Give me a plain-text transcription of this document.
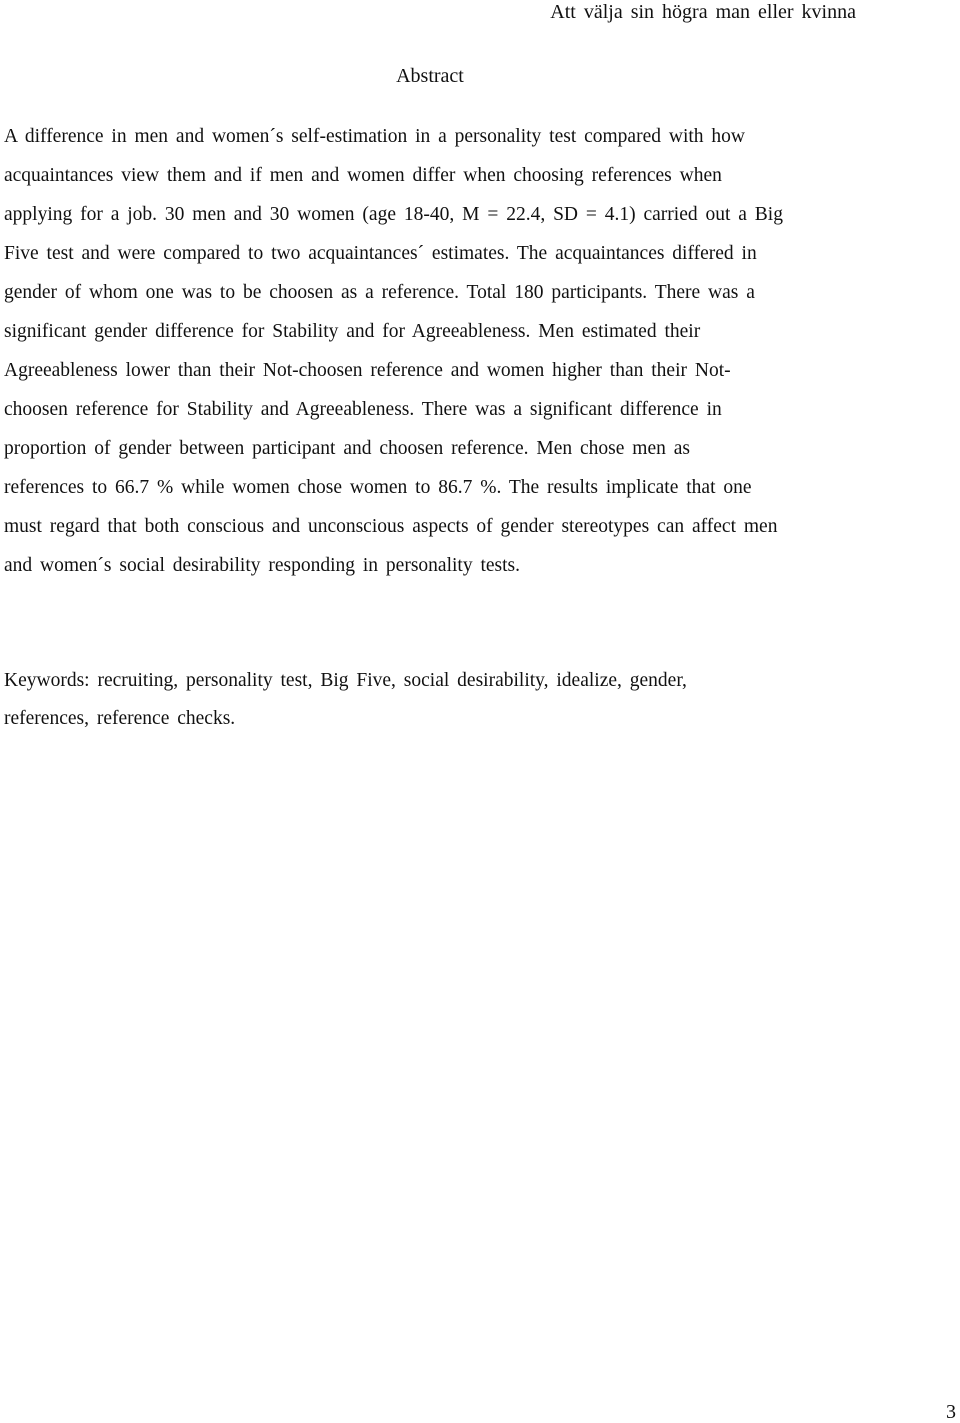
Att välja sin högra man eller kvinna
Abstract
A difference in men and women´s self-estimation in a personality test compared with how
acquaintances view them and if men and women differ when choosing references when
applying for a job. 30 men and 30 women (age 18-40, M = 22.4, SD = 4.1) carried out a Big
Five test and were compared to two acquaintances´ estimates. The acquaintances differed in
gender of whom one was to be choosen as a reference. Total 180 participants. There was a
significant gender difference for Stability and for Agreeableness. Men estimated their
Agreeableness lower than their Not-choosen reference and women higher than their Not-
choosen reference for Stability and Agreeableness. There was a significant difference in
proportion of gender between participant and choosen reference. Men chose men as
references to 66.7 % while women chose women to 86.7 %. The results implicate that one
must regard that both conscious and unconscious aspects of gender stereotypes can affect men
and women´s social desirability responding in personality tests.
Keywords: recruiting, personality test, Big Five, social desirability, idealize, gender,
references, reference checks.
3
